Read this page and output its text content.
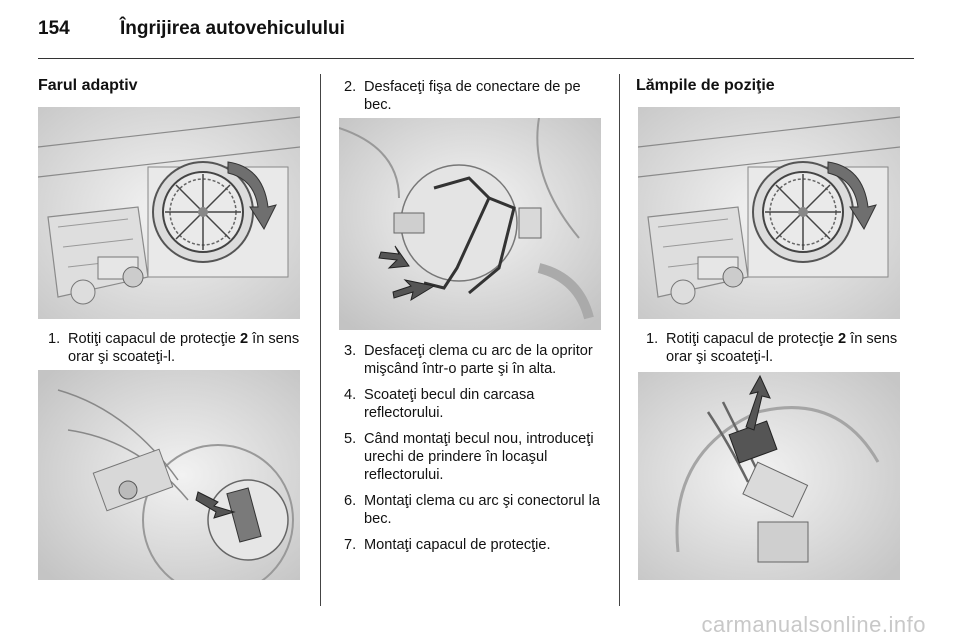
154	Îngrijirea autovehiculului
Farul adaptiv
1. Rotiţi capacul de protecţie 2 în sens orar şi scoateţi-l.
2. Desfaceţi fişa de conectare de pe bec.
3. Desfaceţi clema cu arc de la opritor mişcând într-o parte şi în alta.
4. Scoateţi becul din carcasa reflectorului.
5. Când montaţi becul nou, introduceţi urechi de prindere în locaşul reflectorului.
6. Montaţi clema cu arc şi conectorul la bec.
7. Montaţi capacul de protecţie.
Lămpile de poziţie
1. Rotiţi capacul de protecţie 2 în sens orar şi scoateţi-l.
carmanualsonline.info
